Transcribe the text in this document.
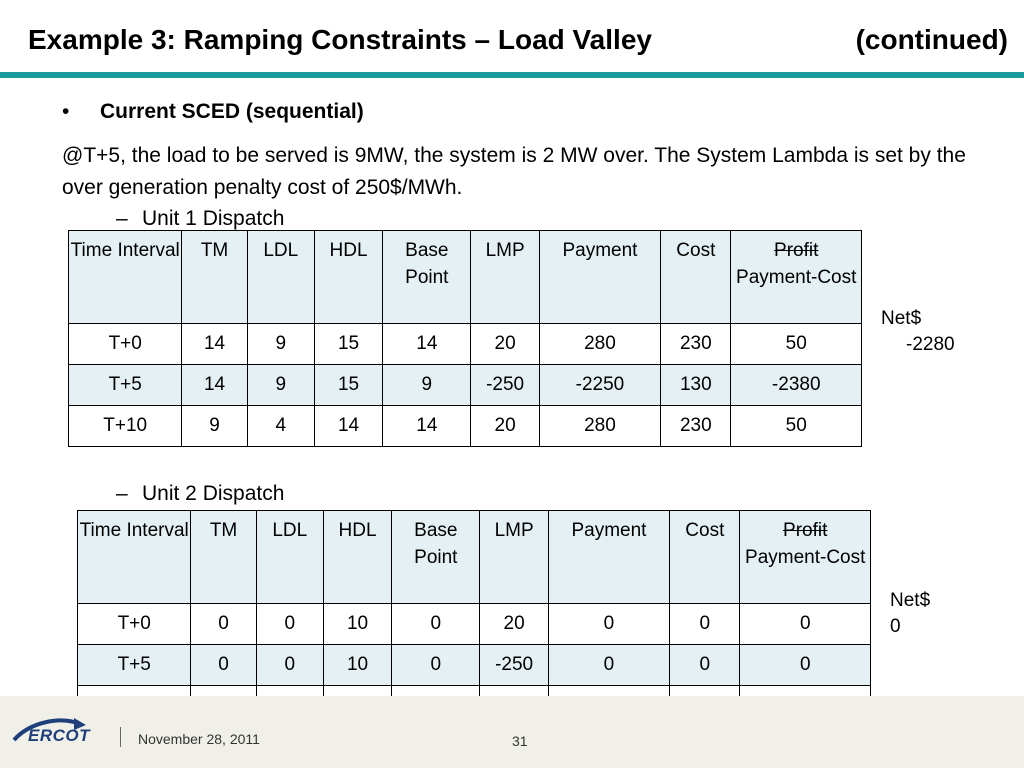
Example 3: Ramping Constraints – Load Valley	(continued)
• Current SCED (sequential)
@T+5, the load to be served is 9MW, the system is 2 MW over. The System Lambda is set by the over generation penalty cost of 250$/MWh.
– Unit 1 Dispatch
Time Interval	TM	LDL	HDL	Base Point	LMP	Payment	Cost	Profit
Payment-Cost
T+0	14	9	15	14	20	280	230	50
T+5	14	9	15	9	-250	-2250	130	-2380
T+10	9	4	14	14	20	280	230	50
Net$
-2280
– Unit 2 Dispatch
Time Interval	TM	LDL	HDL	Base Point	LMP	Payment	Cost	Profit
Payment-Cost
T+0	0	0	10	0	20	0	0	0
T+5	0	0	10	0	-250	0	0	0

Net$
0
ERCOT	November 28, 2011	31
